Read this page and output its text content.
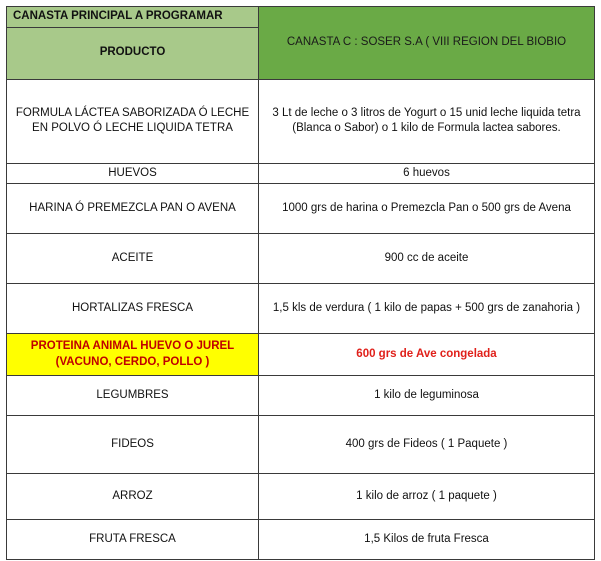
CANASTA PRINCIPAL A PROGRAMAR	CANASTA C : SOSER S.A ( VIII REGION DEL BIOBIO
PRODUCTO	
FORMULA LÁCTEA SABORIZADA Ó LECHE EN POLVO Ó LECHE LIQUIDA TETRA	3 Lt de leche o 3 litros de Yogurt o 15 unid leche liquida tetra (Blanca o Sabor) o 1 kilo de Formula lactea sabores.
HUEVOS	6 huevos
HARINA Ó PREMEZCLA PAN O AVENA	1000 grs de harina o Premezcla Pan o 500 grs de Avena
ACEITE	900 cc de aceite
HORTALIZAS FRESCA	1,5 kls de verdura ( 1 kilo de papas + 500 grs de zanahoria )
PROTEINA ANIMAL HUEVO O JUREL (VACUNO, CERDO, POLLO )	600 grs de Ave congelada
LEGUMBRES	1 kilo de leguminosa
FIDEOS	400 grs de Fideos ( 1 Paquete )
ARROZ	1 kilo de arroz ( 1 paquete )
FRUTA FRESCA	1,5 Kilos de fruta Fresca
